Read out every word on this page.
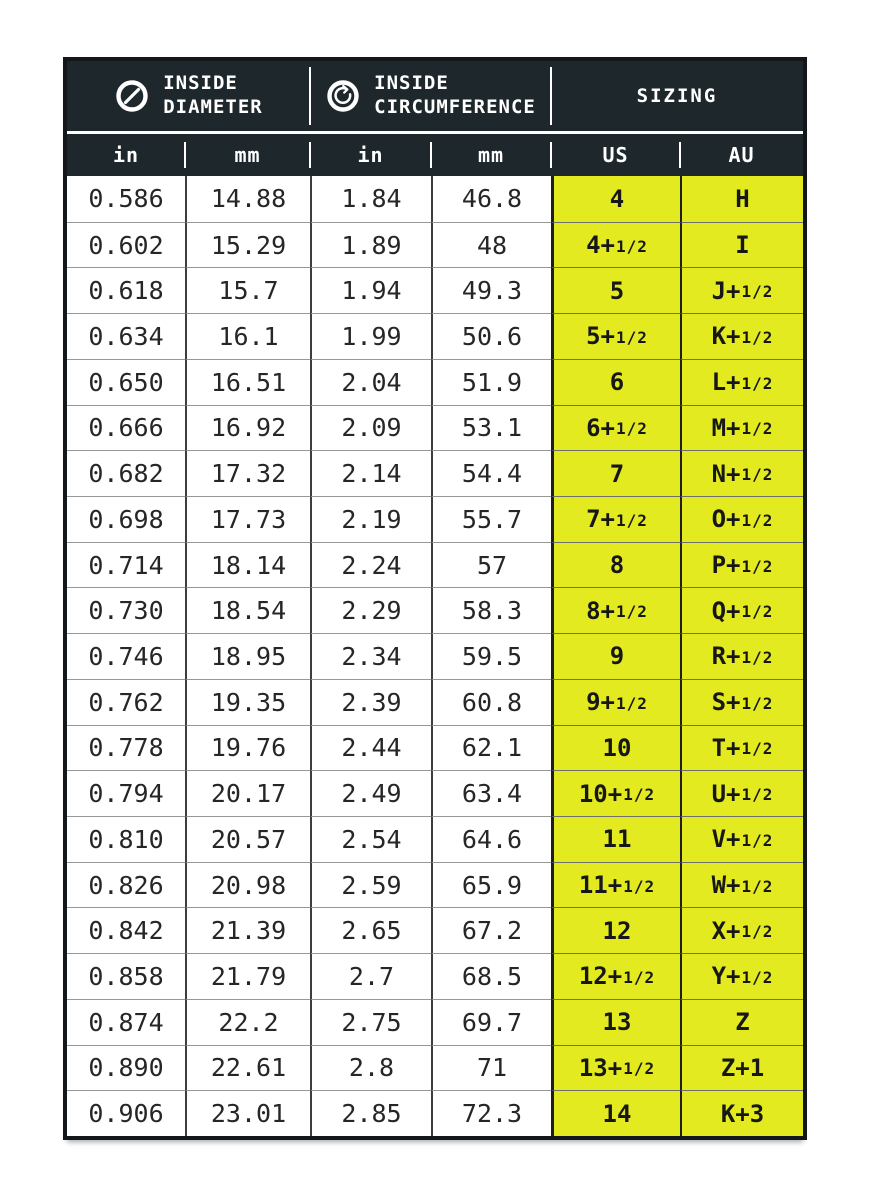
INSIDE
DIAMETER
INSIDE
CIRCUMFERENCE	SIZING
in	mm	in	mm	US	AU
0.586	14.88	1.84	46.8	4	H
0.602	15.29	1.89	48	4+ 1/2	I
0.618	15.7	1.94	49.3	5	J+ 1/2
0.634	16.1	1.99	50.6	5+ 1/2	K+ 1/2
0.650	16.51	2.04	51.9	6	L+ 1/2
0.666	16.92	2.09	53.1	6+ 1/2	M+ 1/2
0.682	17.32	2.14	54.4	7	N+ 1/2
0.698	17.73	2.19	55.7	7+ 1/2	O+ 1/2
0.714	18.14	2.24	57	8	P+ 1/2
0.730	18.54	2.29	58.3	8+ 1/2	Q+ 1/2
0.746	18.95	2.34	59.5	9	R+ 1/2
0.762	19.35	2.39	60.8	9+ 1/2	S+ 1/2
0.778	19.76	2.44	62.1	10	T+ 1/2
0.794	20.17	2.49	63.4	10+ 1/2 U+ 1/2
0.810	20.57	2.54	64.6	11	V+ 1/2
0.826	20.98	2.59	65.9	11+ 1/2 W+ 1/2
0.842	21.39	2.65	67.2	12	X+ 1/2
0.858	21.79	2.7	68.5	12+ 1/2 Y+ 1/2
0.874	22.2	2.75	69.7	13	Z
0.890	22.61	2.8	71	13+ 1/2	Z+1
0.906	23.01	2.85	72.3	14	K+3
